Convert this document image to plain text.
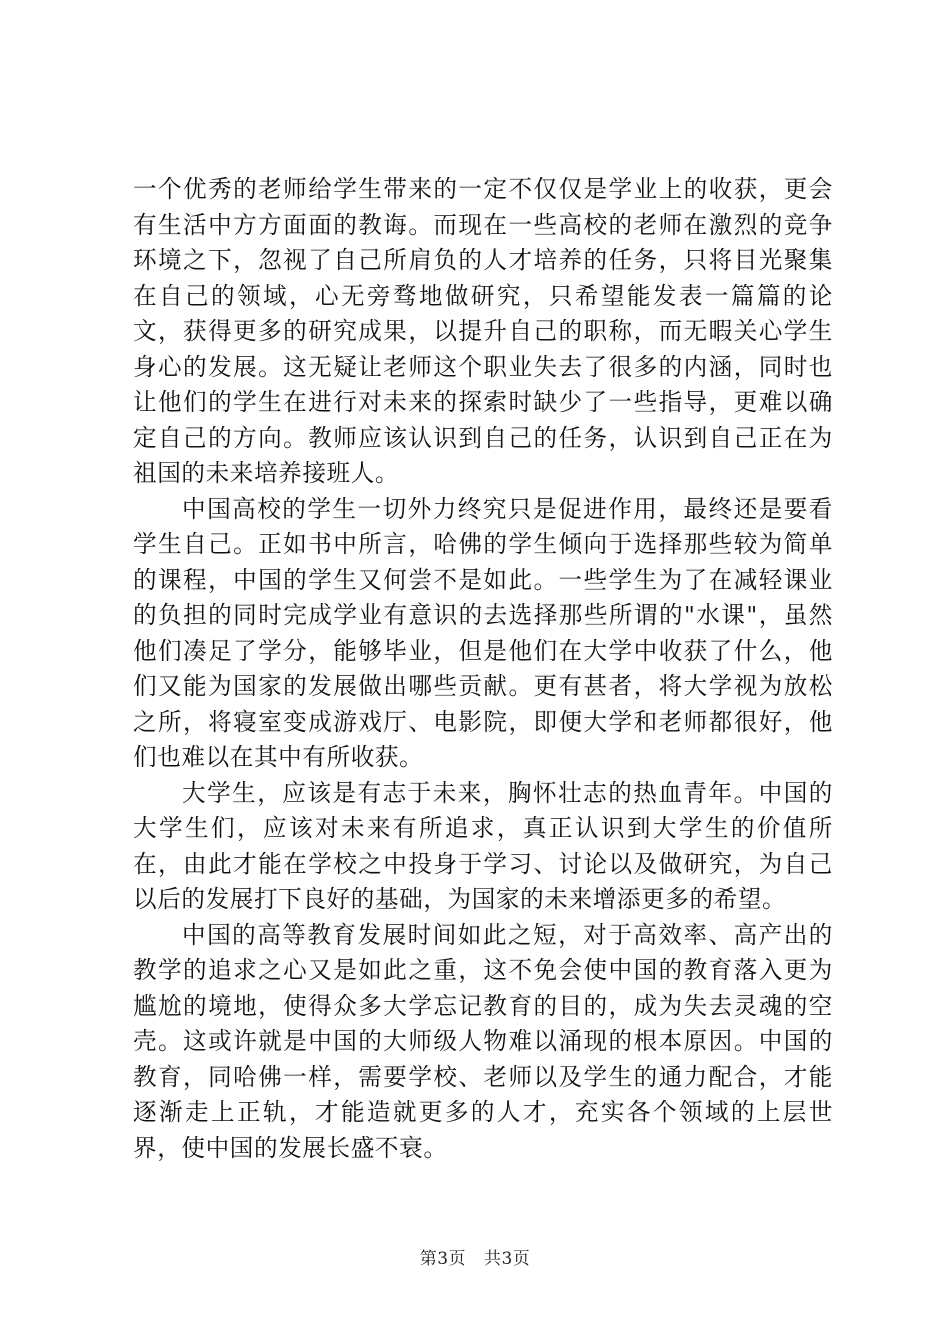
一个优秀的老师给学生带来的一定不仅仅是学业上的收获，更会有生活中方方面面的教诲。而现在一些高校的老师在激烈的竞争环境之下，忽视了自己所肩负的人才培养的任务，只将目光聚集在自己的领域，心无旁骛地做研究，只希望能发表一篇篇的论文，获得更多的研究成果，以提升自己的职称，而无暇关心学生身心的发展。这无疑让老师这个职业失去了很多的内涵，同时也让他们的学生在进行对未来的探索时缺少了一些指导，更难以确定自己的方向。教师应该认识到自己的任务，认识到自己正在为祖国的未来培养接班人。

中国高校的学生一切外力终究只是促进作用，最终还是要看学生自己。正如书中所言，哈佛的学生倾向于选择那些较为简单的课程，中国的学生又何尝不是如此。一些学生为了在减轻课业的负担的同时完成学业有意识的去选择那些所谓的"水课"，虽然他们凑足了学分，能够毕业，但是他们在大学中收获了什么，他们又能为国家的发展做出哪些贡献。更有甚者，将大学视为放松之所，将寝室变成游戏厅、电影院，即便大学和老师都很好，他们也难以在其中有所收获。

大学生，应该是有志于未来，胸怀壮志的热血青年。中国的大学生们，应该对未来有所追求，真正认识到大学生的价值所在，由此才能在学校之中投身于学习、讨论以及做研究，为自己以后的发展打下良好的基础，为国家的未来增添更多的希望。

中国的高等教育发展时间如此之短，对于高效率、高产出的教学的追求之心又是如此之重，这不免会使中国的教育落入更为尴尬的境地，使得众多大学忘记教育的目的，成为失去灵魂的空壳。这或许就是中国的大师级人物难以涌现的根本原因。中国的教育，同哈佛一样，需要学校、老师以及学生的通力配合，才能逐渐走上正轨，才能造就更多的人才，充实各个领域的上层世界，使中国的发展长盛不衰。

第3页 共3页
